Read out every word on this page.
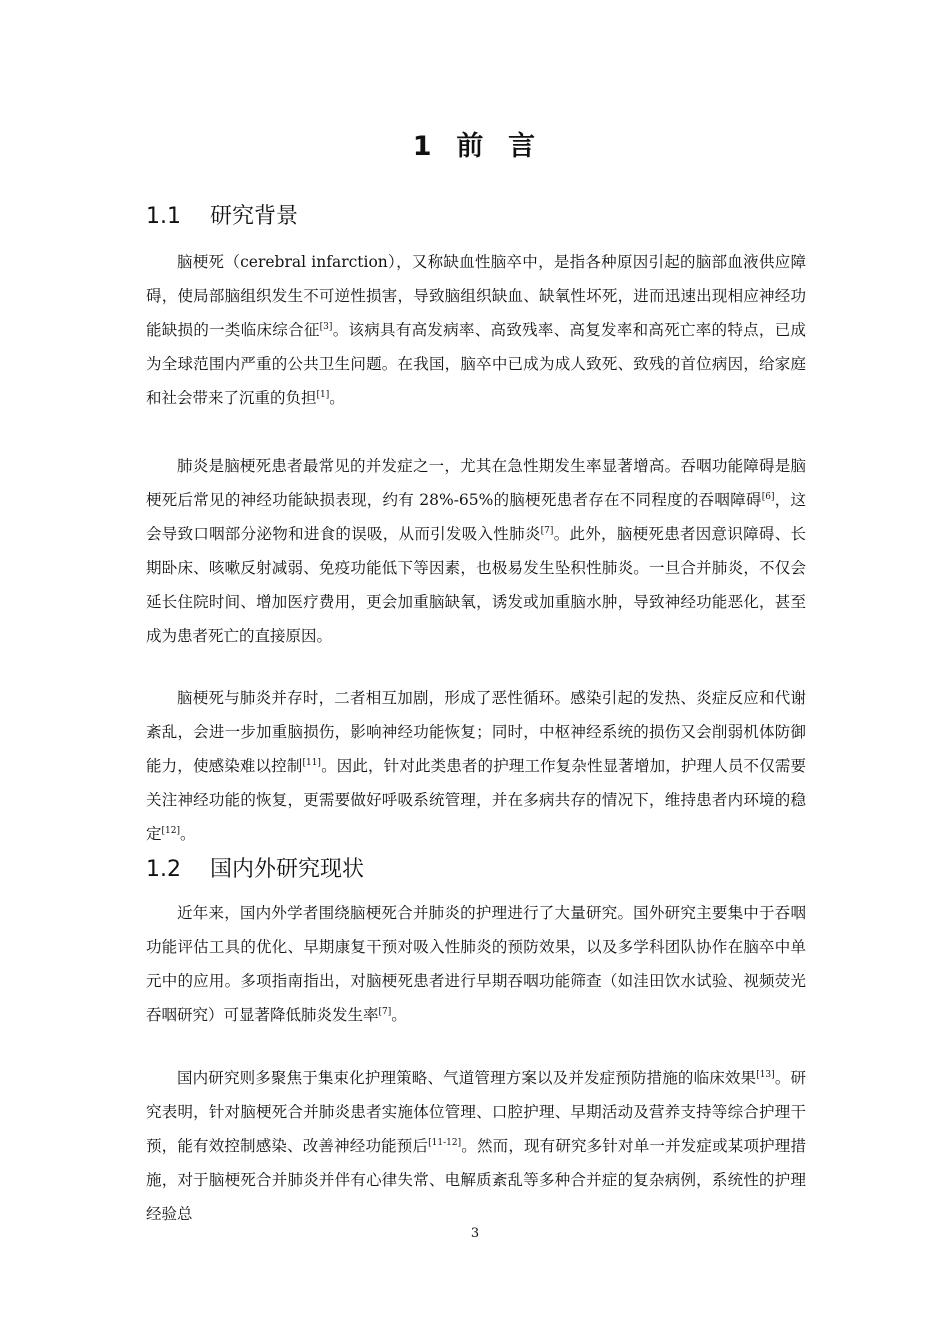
1  前  言
1.1 研究背景
脑梗死（cerebral infarction），又称缺血性脑卒中，是指各种原因引起的脑部血液供应障碍，使局部脑组织发生不可逆性损害，导致脑组织缺血、缺氧性坏死，进而迅速出现相应神经功能缺损的一类临床综合征[3]。该病具有高发病率、高致残率、高复发率和高死亡率的特点，已成为全球范围内严重的公共卫生问题。在我国，脑卒中已成为成人致死、致残的首位病因，给家庭和社会带来了沉重的负担[1]。
肺炎是脑梗死患者最常见的并发症之一，尤其在急性期发生率显著增高。吞咽功能障碍是脑梗死后常见的神经功能缺损表现，约有 28%-65%的脑梗死患者存在不同程度的吞咽障碍[6]，这会导致口咽部分泌物和进食的误吸，从而引发吸入性肺炎[7]。此外，脑梗死患者因意识障碍、长期卧床、咳嗽反射减弱、免疫功能低下等因素，也极易发生坠积性肺炎。一旦合并肺炎，不仅会延长住院时间、增加医疗费用，更会加重脑缺氧，诱发或加重脑水肿，导致神经功能恶化，甚至成为患者死亡的直接原因。
脑梗死与肺炎并存时，二者相互加剧，形成了恶性循环。感染引起的发热、炎症反应和代谢紊乱，会进一步加重脑损伤，影响神经功能恢复；同时，中枢神经系统的损伤又会削弱机体防御能力，使感染难以控制[11]。因此，针对此类患者的护理工作复杂性显著增加，护理人员不仅需要关注神经功能的恢复，更需要做好呼吸系统管理，并在多病共存的情况下，维持患者内环境的稳定[12]。
1.2 国内外研究现状
近年来，国内外学者围绕脑梗死合并肺炎的护理进行了大量研究。国外研究主要集中于吞咽功能评估工具的优化、早期康复干预对吸入性肺炎的预防效果，以及多学科团队协作在脑卒中单元中的应用。多项指南指出，对脑梗死患者进行早期吞咽功能筛查（如洼田饮水试验、视频荧光吞咽研究）可显著降低肺炎发生率[7]。
国内研究则多聚焦于集束化护理策略、气道管理方案以及并发症预防措施的临床效果[13]。研究表明，针对脑梗死合并肺炎患者实施体位管理、口腔护理、早期活动及营养支持等综合护理干预，能有效控制感染、改善神经功能预后[11-12]。然而，现有研究多针对单一并发症或某项护理措施，对于脑梗死合并肺炎并伴有心律失常、电解质紊乱等多种合并症的复杂病例，系统性的护理经验总
3
